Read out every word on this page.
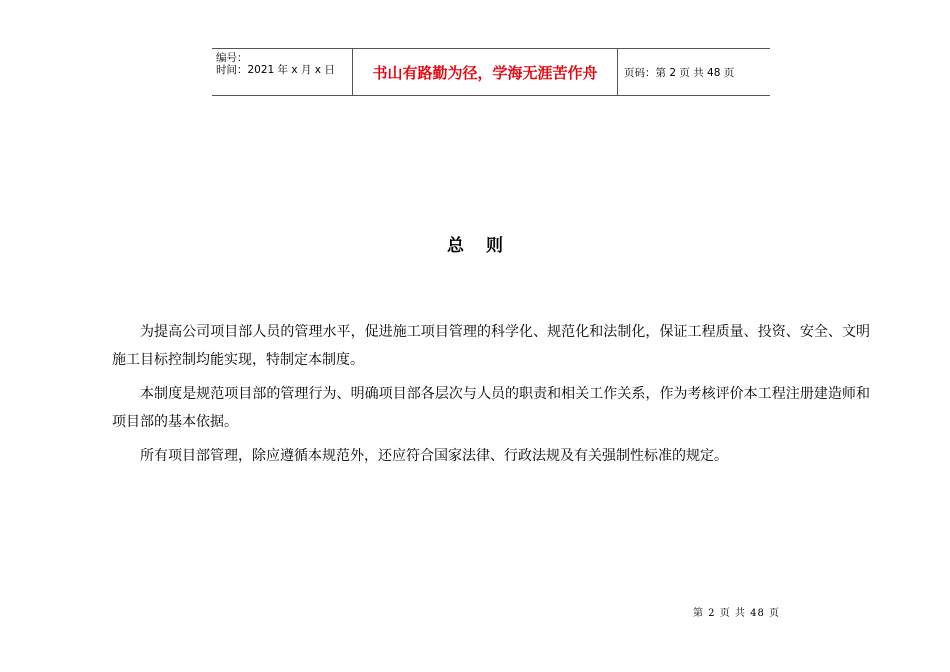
编号：
时间：2021 年 x 月 x 日	书山有路勤为径，学海无涯苦作舟	页码：第 2 页 共 48 页
总则

为提高公司项目部人员的管理水平，促进施工项目管理的科学化、规范化和法制化，保证工程质量、投资、安全、文明施工目标控制均能实现，特制定本制度。

本制度是规范项目部的管理行为、明确项目部各层次与人员的职责和相关工作关系，作为考核评价本工程注册建造师和项目部的基本依据。

所有项目部管理，除应遵循本规范外，还应符合国家法律、行政法规及有关强制性标准的规定。

第 2 页 共 48 页
